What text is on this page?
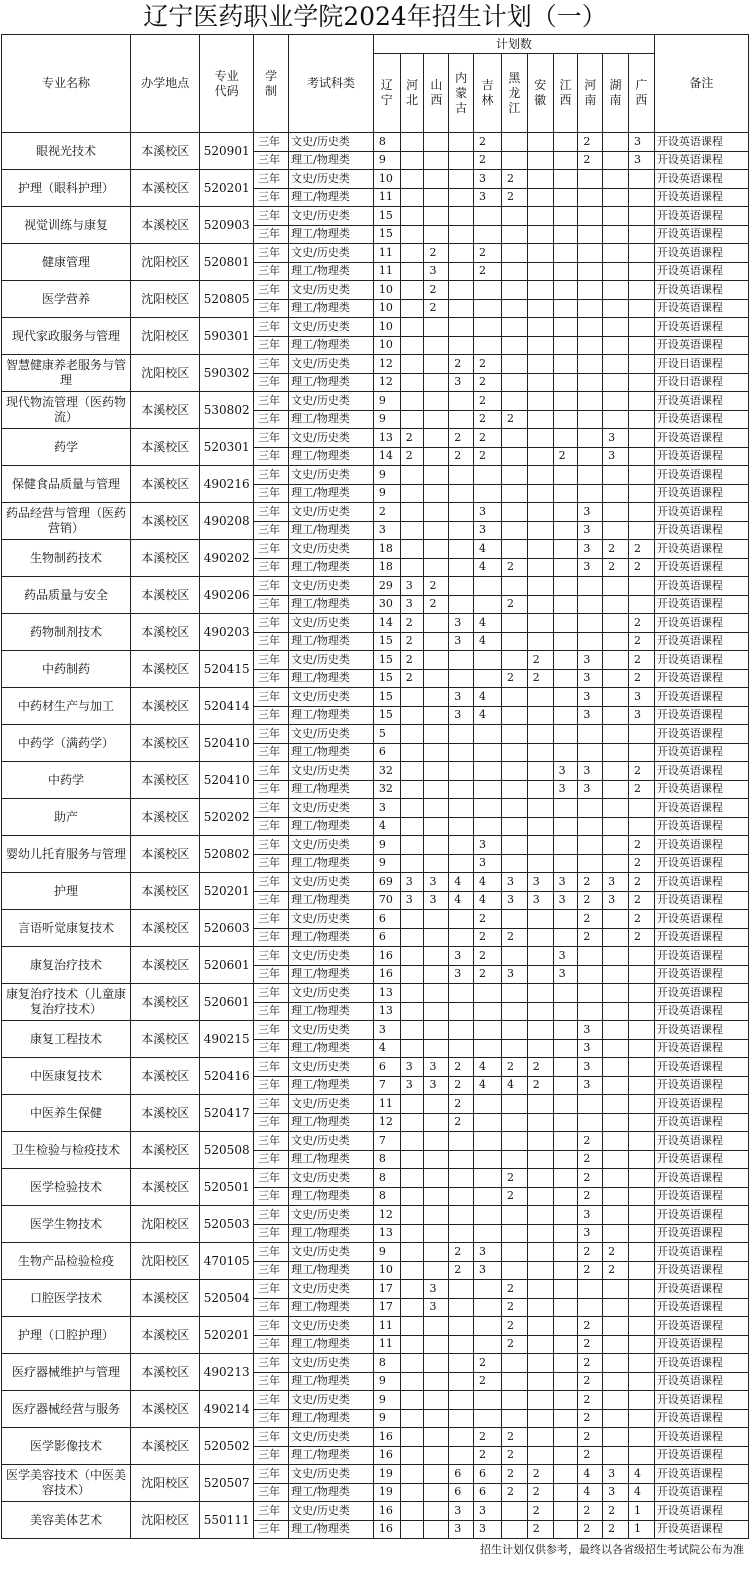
辽宁医药职业学院2024年招生计划（一）
专业名称	办学地点	专业代码	学制	考试科类	计划数											备注
					辽宁	河北	山西	内蒙古	吉林	黑龙江	安徽	江西	河南	湖南	广西	
眼视光技术	本溪校区	520901	三年	文史/历史类	8				2				2		3	开设英语课程
			三年	理工/物理类	9				2				2		3	开设英语课程
护理（眼科护理）	本溪校区	520201	三年	文史/历史类	10				3	2						开设英语课程
			三年	理工/物理类	11				3	2						开设英语课程
视觉训练与康复	本溪校区	520903	三年	文史/历史类	15											开设英语课程
			三年	理工/物理类	15											开设英语课程
健康管理	沈阳校区	520801	三年	文史/历史类	11		2		2							开设英语课程
			三年	理工/物理类	11		3		2							开设英语课程
医学营养	沈阳校区	520805	三年	文史/历史类	10		2									开设英语课程
			三年	理工/物理类	10		2									开设英语课程
现代家政服务与管理	沈阳校区	590301	三年	文史/历史类	10											开设英语课程
			三年	理工/物理类	10											开设英语课程
智慧健康养老服务与管理	沈阳校区	590302	三年	文史/历史类	12			2	2							开设日语课程
			三年	理工/物理类	12			3	2							开设日语课程
现代物流管理（医药物流）	本溪校区	530802	三年	文史/历史类	9				2							开设英语课程
			三年	理工/物理类	9				2	2						开设英语课程
药学	本溪校区	520301	三年	文史/历史类	13	2		2	2					3		开设英语课程
			三年	理工/物理类	14	2		2	2			2		3		开设英语课程
保健食品质量与管理	本溪校区	490216	三年	文史/历史类	9											开设英语课程
			三年	理工/物理类	9											开设英语课程
药品经营与管理（医药营销）	本溪校区	490208	三年	文史/历史类	2				3				3			开设英语课程
			三年	理工/物理类	3				3				3			开设英语课程
生物制药技术	本溪校区	490202	三年	文史/历史类	18				4				3	2	2	开设英语课程
			三年	理工/物理类	18				4	2			3	2	2	开设英语课程
药品质量与安全	本溪校区	490206	三年	文史/历史类	29	3	2									开设英语课程
			三年	理工/物理类	30	3	2			2						开设英语课程
药物制剂技术	本溪校区	490203	三年	文史/历史类	14	2		3	4						2	开设英语课程
			三年	理工/物理类	15	2		3	4						2	开设英语课程
中药制药	本溪校区	520415	三年	文史/历史类	15	2					2		3		2	开设英语课程
			三年	理工/物理类	15	2				2	2		3		2	开设英语课程
中药材生产与加工	本溪校区	520414	三年	文史/历史类	15			3	4				3		3	开设英语课程
			三年	理工/物理类	15			3	4				3		3	开设英语课程
中药学（满药学）	本溪校区	520410	三年	文史/历史类	5											开设英语课程
			三年	理工/物理类	6											开设英语课程
中药学	本溪校区	520410	三年	文史/历史类	32							3	3		2	开设英语课程
			三年	理工/物理类	32							3	3		2	开设英语课程
助产	本溪校区	520202	三年	文史/历史类	3											开设英语课程
			三年	理工/物理类	4											开设英语课程
婴幼儿托育服务与管理	本溪校区	520802	三年	文史/历史类	9				3						2	开设英语课程
			三年	理工/物理类	9				3						2	开设英语课程
护理	本溪校区	520201	三年	文史/历史类	69	3	3	4	4	3	3	3	2	3	2	开设英语课程
			三年	理工/物理类	70	3	3	4	4	3	3	3	2	3	2	开设英语课程
言语听觉康复技术	本溪校区	520603	三年	文史/历史类	6				2				2		2	开设英语课程
			三年	理工/物理类	6				2	2			2		2	开设英语课程
康复治疗技术	本溪校区	520601	三年	文史/历史类	16			3	2			3				开设英语课程
			三年	理工/物理类	16			3	2	3		3				开设英语课程
康复治疗技术（儿童康复治疗技术）	本溪校区	520601	三年	文史/历史类	13											开设英语课程
			三年	理工/物理类	13											开设英语课程
康复工程技术	本溪校区	490215	三年	文史/历史类	3								3			开设英语课程
			三年	理工/物理类	4								3			开设英语课程
中医康复技术	本溪校区	520416	三年	文史/历史类	6	3	3	2	4	2	2		3			开设英语课程
			三年	理工/物理类	7	3	3	2	4	4	2		3			开设英语课程
中医养生保健	本溪校区	520417	三年	文史/历史类	11			2								开设英语课程
			三年	理工/物理类	12			2								开设英语课程
卫生检验与检疫技术	本溪校区	520508	三年	文史/历史类	7								2			开设英语课程
			三年	理工/物理类	8								2			开设英语课程
医学检验技术	本溪校区	520501	三年	文史/历史类	8					2			2			开设英语课程
			三年	理工/物理类	8					2			2			开设英语课程
医学生物技术	沈阳校区	520503	三年	文史/历史类	12								3			开设英语课程
			三年	理工/物理类	13								3			开设英语课程
生物产品检验检疫	沈阳校区	470105	三年	文史/历史类	9			2	3				2	2		开设英语课程
			三年	理工/物理类	10			2	3				2	2		开设英语课程
口腔医学技术	本溪校区	520504	三年	文史/历史类	17		3			2						开设英语课程
			三年	理工/物理类	17		3			2						开设英语课程
护理（口腔护理）	本溪校区	520201	三年	文史/历史类	11					2			2			开设英语课程
			三年	理工/物理类	11					2			2			开设英语课程
医疗器械维护与管理	本溪校区	490213	三年	文史/历史类	8				2				2			开设英语课程
			三年	理工/物理类	9				2				2			开设英语课程
医疗器械经营与服务	本溪校区	490214	三年	文史/历史类	9								2			开设英语课程
			三年	理工/物理类	9								2			开设英语课程
医学影像技术	本溪校区	520502	三年	文史/历史类	16				2	2			2			开设英语课程
			三年	理工/物理类	16				2	2			2			开设英语课程
医学美容技术（中医美容技术）	沈阳校区	520507	三年	文史/历史类	19			6	6	2	2		4	3	4	开设英语课程
			三年	理工/物理类	19			6	6	2	2		4	3	4	开设英语课程
美容美体艺术	沈阳校区	550111	三年	文史/历史类	16			3	3		2		2	2	1	开设英语课程
			三年	理工/物理类	16			3	3		2		2	2	1	开设英语课程
招生计划仅供参考，最终以各省级招生考试院公布为准
